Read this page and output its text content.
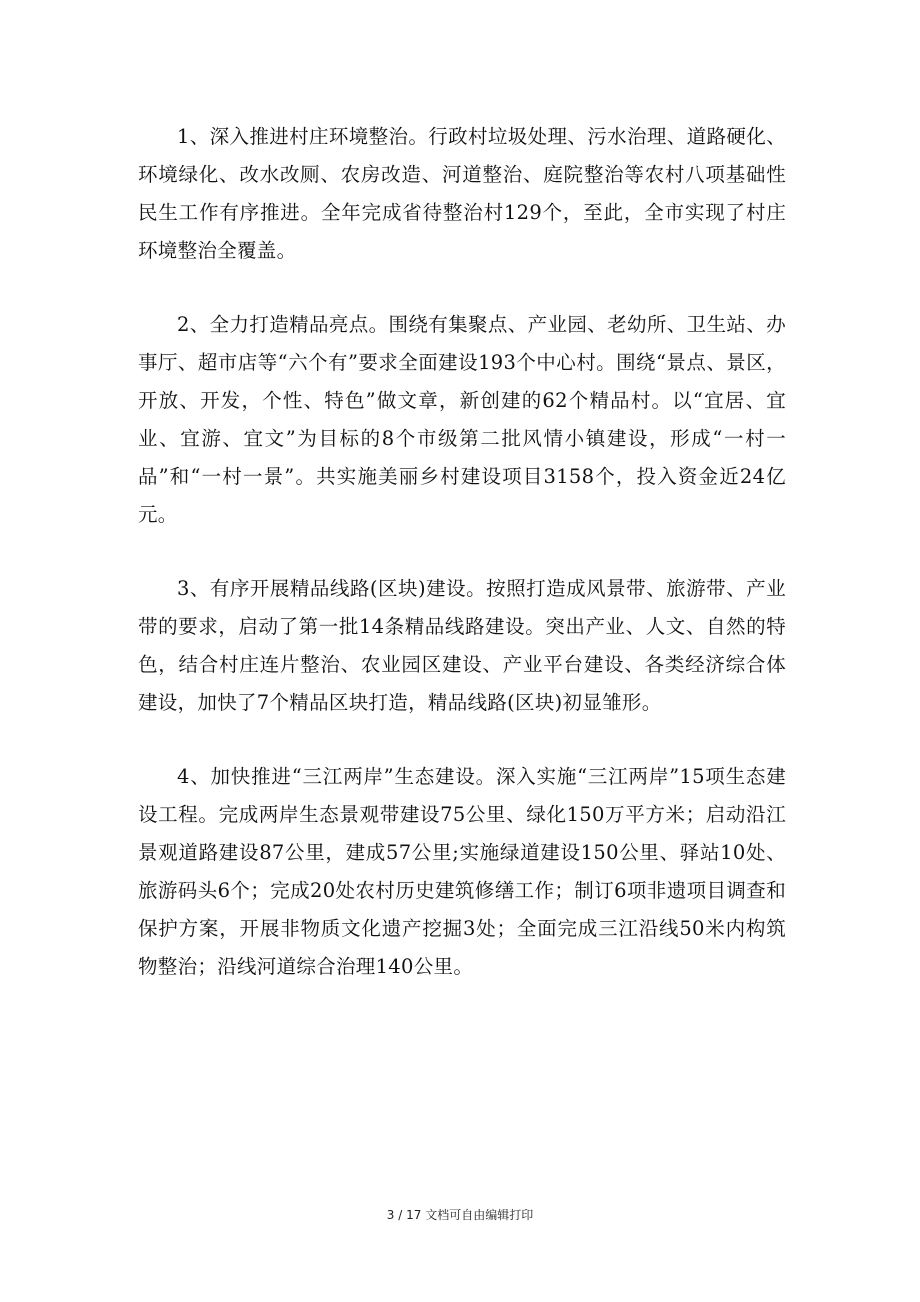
1、深入推进村庄环境整治。行政村垃圾处理、污水治理、道路硬化、环境绿化、改水改厕、农房改造、河道整治、庭院整治等农村八项基础性民生工作有序推进。全年完成省待整治村129个，至此，全市实现了村庄环境整治全覆盖。

2、全力打造精品亮点。围绕有集聚点、产业园、老幼所、卫生站、办事厅、超市店等“六个有”要求全面建设193个中心村。围绕“景点、景区，开放、开发，个性、特色”做文章，新创建的62个精品村。以“宜居、宜业、宜游、宜文”为目标的8个市级第二批风情小镇建设，形成“一村一品”和“一村一景”。共实施美丽乡村建设项目3158个，投入资金近24亿元。

3、有序开展精品线路(区块)建设。按照打造成风景带、旅游带、产业带的要求，启动了第一批14条精品线路建设。突出产业、人文、自然的特色，结合村庄连片整治、农业园区建设、产业平台建设、各类经济综合体建设，加快了7个精品区块打造，精品线路(区块)初显雏形。

4、加快推进“三江两岸”生态建设。深入实施“三江两岸”15项生态建设工程。完成两岸生态景观带建设75公里、绿化150万平方米；启动沿江景观道路建设87公里，建成57公里;实施绿道建设150公里、驿站10处、旅游码头6个；完成20处农村历史建筑修缮工作；制订6项非遗项目调查和保护方案，开展非物质文化遗产挖掘3处；全面完成三江沿线50米内构筑物整治；沿线河道综合治理140公里。

3 / 17 文档可自由编辑打印
